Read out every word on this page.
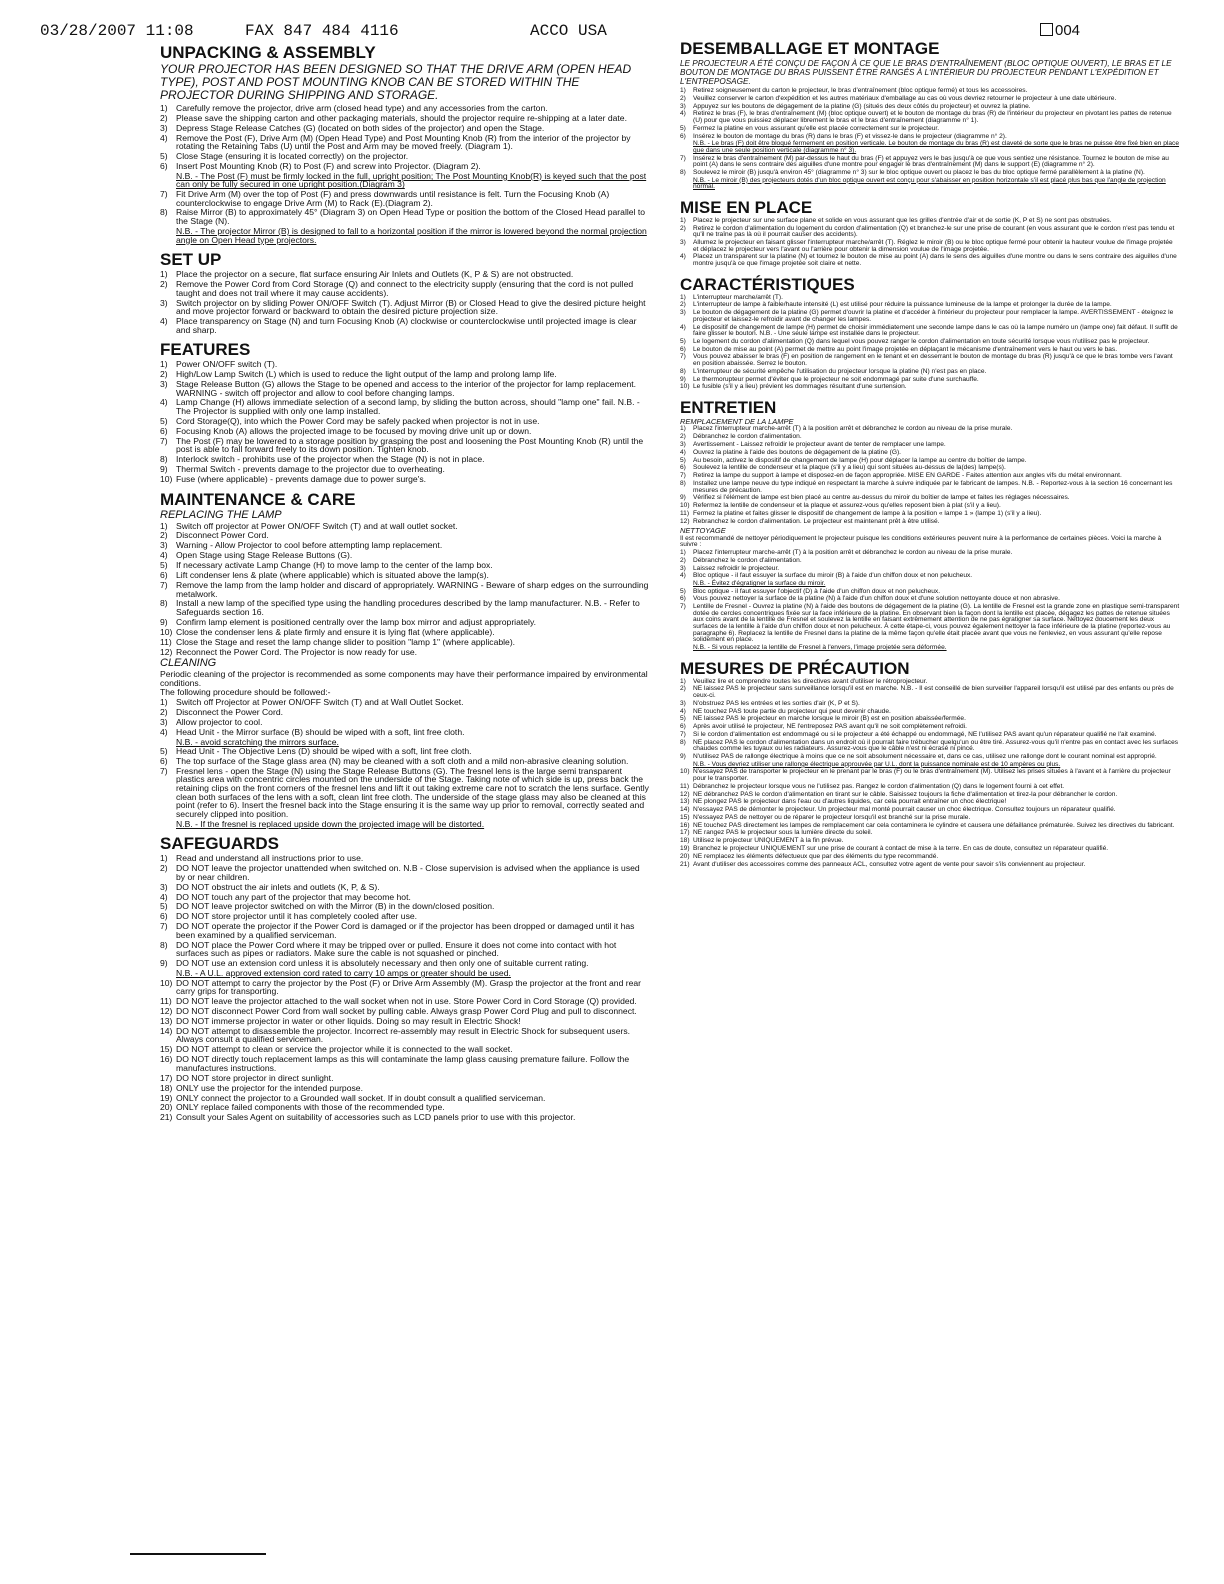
03/28/2007 11:08	FAX 847 484 4116	ACCO USA	004
UNPACKING & ASSEMBLY
YOUR PROJECTOR HAS BEEN DESIGNED SO THAT THE DRIVE ARM (OPEN HEAD TYPE), POST AND POST MOUNTING KNOB CAN BE STORED WITHIN THE PROJECTOR DURING SHIPPING AND STORAGE.
1) Carefully remove the projector, drive arm (closed head type) and any accessories from the carton.
2) Please save the shipping carton and other packaging materials, should the projector require re-shipping at a later date.
3) Depress Stage Release Catches (G) (located on both sides of the projector) and open the Stage.
4) Remove the Post (F), Drive Arm (M) (Open Head Type) and Post Mounting Knob (R) from the interior of the projector by rotating the Retaining Tabs (U) until the Post and Arm may be moved freely. (Diagram 1).
5) Close Stage (ensuring it is located correctly) on the projector.
6) Insert Post Mounting Knob (R) to Post (F) and screw into Projector. (Diagram 2).
N.B. - The Post (F) must be firmly locked in the full, upright position; The Post Mounting Knob(R) is keyed such that the post can only be fully secured in one upright position.(Diagram 3)
7) Fit Drive Arm (M) over the top of Post (F) and press downwards until resistance is felt. Turn the Focusing Knob (A) counterclockwise to engage Drive Arm (M) to Rack (E).(Diagram 2).
8) Raise Mirror (B) to approximately 45° (Diagram 3) on Open Head Type or position the bottom of the Closed Head parallel to the Stage (N).
N.B. - The projector Mirror (B) is designed to fall to a horizontal position if the mirror is lowered beyond the normal projection angle on Open Head type projectors.
SET UP
1) Place the projector on a secure, flat surface ensuring Air Inlets and Outlets (K, P & S) are not obstructed.
2) Remove the Power Cord from Cord Storage (Q) and connect to the electricity supply (ensuring that the cord is not pulled taught and does not trail where it may cause accidents).
3) Switch projector on by sliding Power ON/OFF Switch (T). Adjust Mirror (B) or Closed Head to give the desired picture height and move projector forward or backward to obtain the desired picture projection size.
4) Place transparency on Stage (N) and turn Focusing Knob (A) clockwise or counterclockwise until projected image is clear and sharp.
FEATURES
1) Power ON/OFF switch (T).
2) High/Low Lamp Switch (L) which is used to reduce the light output of the lamp and prolong lamp life.
3) Stage Release Button (G) allows the Stage to be opened and access to the interior of the projector for lamp replacement. WARNING - switch off projector and allow to cool before changing lamps.
4) Lamp Change (H) allows immediate selection of a second lamp, by sliding the button across, should "lamp one" fail. N.B. - The Projector is supplied with only one lamp installed.
5) Cord Storage(Q), into which the Power Cord may be safely packed when projector is not in use.
6) Focusing Knob (A) allows the projected image to be focused by moving drive unit up or down.
7) The Post (F) may be lowered to a storage position by grasping the post and loosening the Post Mounting Knob (R) until the post is able to fall forward freely to its down position. Tighten knob.
8) Interlock switch - prohibits use of the projector when the Stage (N) is not in place.
9) Thermal Switch - prevents damage to the projector due to overheating.
10) Fuse (where applicable) - prevents damage due to power surge's.
MAINTENANCE & CARE
REPLACING THE LAMP
1) Switch off projector at Power ON/OFF Switch (T) and at wall outlet socket.
2) Disconnect Power Cord.
3) Warning - Allow Projector to cool before attempting lamp replacement.
4) Open Stage using Stage Release Buttons (G).
5) If necessary activate Lamp Change (H) to move lamp to the center of the lamp box.
6) Lift condenser lens & plate (where applicable) which is situated above the lamp(s).
7) Remove the lamp from the lamp holder and discard of appropriately. WARNING - Beware of sharp edges on the surrounding metalwork.
8) Install a new lamp of the specified type using the handling procedures described by the lamp manufacturer. N.B. - Refer to Safeguards section 16.
9) Confirm lamp element is positioned centrally over the lamp box mirror and adjust appropriately.
10) Close the condenser lens & plate firmly and ensure it is lying flat (where applicable).
11) Close the Stage and reset the lamp change slider to position "lamp 1" (where applicable).
12) Reconnect the Power Cord. The Projector is now ready for use.
CLEANING
Periodic cleaning of the projector is recommended as some components may have their performance impaired by environmental conditions.
The following procedure should be followed:-
1) Switch off Projector at Power ON/OFF Switch (T) and at Wall Outlet Socket.
2) Disconnect the Power Cord.
3) Allow projector to cool.
4) Head Unit - the Mirror surface (B) should be wiped with a soft, lint free cloth.
N.B. - avoid scratching the mirrors surface.
5) Head Unit - The Objective Lens (D) should be wiped with a soft, lint free cloth.
6) The top surface of the Stage glass area (N) may be cleaned with a soft cloth and a mild non-abrasive cleaning solution.
7) Fresnel lens - open the Stage (N) using the Stage Release Buttons (G). The fresnel lens is the large semi transparent plastics area with concentric circles mounted on the underside of the Stage. Taking note of which side is up, press back the retaining clips on the front corners of the fresnel lens and lift it out taking extreme care not to scratch the lens surface. Gently clean both surfaces of the lens with a soft, clean lint free cloth. The underside of the stage glass may also be cleaned at this point (refer to 6). Insert the fresnel back into the Stage ensuring it is the same way up prior to removal, correctly seated and securely clipped into position.
N.B. - If the fresnel is replaced upside down the projected image will be distorted.
SAFEGUARDS
1) Read and understand all instructions prior to use.
2) DO NOT leave the projector unattended when switched on. N.B - Close supervision is advised when the appliance is used by or near children.
3) DO NOT obstruct the air inlets and outlets (K, P, & S).
4) DO NOT touch any part of the projector that may become hot.
5) DO NOT leave projector switched on with the Mirror (B) in the down/closed position.
6) DO NOT store projector until it has completely cooled after use.
7) DO NOT operate the projector if the Power Cord is damaged or if the projector has been dropped or damaged until it has been examined by a qualified serviceman.
8) DO NOT place the Power Cord where it may be tripped over or pulled. Ensure it does not come into contact with hot surfaces such as pipes or radiators. Make sure the cable is not squashed or pinched.
9) DO NOT use an extension cord unless it is absolutely necessary and then only one of suitable current rating.
N.B. - A U.L. approved extension cord rated to carry 10 amps or greater should be used.
10) DO NOT attempt to carry the projector by the Post (F) or Drive Arm Assembly (M). Grasp the projector at the front and rear carry grips for transporting.
11) DO NOT leave the projector attached to the wall socket when not in use. Store Power Cord in Cord Storage (Q) provided.
12) DO NOT disconnect Power Cord from wall socket by pulling cable. Always grasp Power Cord Plug and pull to disconnect.
13) DO NOT immerse projector in water or other liquids. Doing so may result in Electric Shock!
14) DO NOT attempt to disassemble the projector. Incorrect re-assembly may result in Electric Shock for subsequent users. Always consult a qualified serviceman.
15) DO NOT attempt to clean or service the projector while it is connected to the wall socket.
16) DO NOT directly touch replacement lamps as this will contaminate the lamp glass causing premature failure. Follow the manufactures instructions.
17) DO NOT store projector in direct sunlight.
18) ONLY use the projector for the intended purpose.
19) ONLY connect the projector to a Grounded wall socket. If in doubt consult a qualified serviceman.
20) ONLY replace failed components with those of the recommended type.
21) Consult your Sales Agent on suitability of accessories such as LCD panels prior to use with this projector.
DESEMBALLAGE ET MONTAGE
LE PROJECTEUR A ÉTÉ CONÇU DE FAÇON À CE QUE LE BRAS D'ENTRAÎNEMENT (BLOC OPTIQUE OUVERT), LE BRAS ET LE BOUTON DE MONTAGE DU BRAS PUISSENT ÊTRE RANGÉS À L'INTÉRIEUR DU PROJECTEUR PENDANT L'EXPÉDITION ET L'ENTREPOSAGE.
1)	Retirez soigneusement du carton le projecteur, le bras d'entraînement (bloc optique fermé) et tous les accessoires.
2)	Veuillez conserver le carton d'expédition et les autres matériaux d'emballage au cas où vous devriez retourner le projecteur à une date ultérieure.
3)	Appuyez sur les boutons de dégagement de la platine (G) (situés des deux côtés du projecteur) et ouvrez la platine.
4)	Retirez le bras (F), le bras d'entraînement (M) (bloc optique ouvert) et le bouton de montage du bras (R) de l'intérieur du projecteur en pivotant les pattes de retenue (U) pour que vous puissiez déplacer librement le bras et le bras d'entraînement (diagramme n° 1).
5)	Fermez la platine en vous assurant qu'elle est placée correctement sur le projecteur.
6)	Insérez le bouton de montage du bras (R) dans le bras (F) et vissez-le dans le projecteur (diagramme n° 2).
N.B. - Le bras (F) doit être bloqué fermement en position verticale. Le bouton de montage du bras (R) est claveté de sorte que le bras ne puisse être fixé bien en place que dans une seule position verticale (diagramme n° 3).
7)	Insérez le bras d'entraînement (M) par-dessus le haut du bras (F) et appuyez vers le bas jusqu'à ce que vous sentiez une résistance. Tournez le bouton de mise au point (A) dans le sens contraire des aiguilles d'une montre pour engager le bras d'entraînement (M) dans le support (E) (diagramme n° 2).
8)	Soulevez le miroir (B) jusqu'à environ 45° (diagramme n° 3) sur le bloc optique ouvert ou placez le bas du bloc optique fermé parallèlement à la platine (N).
N.B. - Le miroir (B) des projecteurs dotés d'un bloc optique ouvert est conçu pour s'abaisser en position horizontale s'il est placé plus bas que l'angle de projection normal.
MISE EN PLACE
1)	Placez le projecteur sur une surface plane et solide en vous assurant que les grilles d'entrée d'air et de sortie (K, P et S) ne sont pas obstruées.
2)	Retirez le cordon d'alimentation du logement du cordon d'alimentation (Q) et branchez-le sur une prise de courant (en vous assurant que le cordon n'est pas tendu et qu'il ne traîne pas là où il pourrait causer des accidents).
3)	Allumez le projecteur en faisant glisser l'interrupteur marche/arrêt (T). Réglez le miroir (B) ou le bloc optique fermé pour obtenir la hauteur voulue de l'image projetée et déplacez le projecteur vers l'avant ou l'arrière pour obtenir la dimension voulue de l'image projetée.
4)	Placez un transparent sur la platine (N) et tournez le bouton de mise au point (A) dans le sens des aiguilles d'une montre ou dans le sens contraire des aiguilles d'une montre jusqu'à ce que l'image projetée soit claire et nette.
CARACTÉRISTIQUES
1)	L'interrupteur marche/arrêt (T).
2)	L'interrupteur de lampe à faible/haute intensité (L) est utilisé pour réduire la puissance lumineuse de la lampe et prolonger la durée de la lampe.
3)	Le bouton de dégagement de la platine (G) permet d'ouvrir la platine et d'accéder à l'intérieur du projecteur pour remplacer la lampe. AVERTISSEMENT - éteignez le projecteur et laissez-le refroidir avant de changer les lampes.
4)	Le dispositif de changement de lampe (H) permet de choisir immédiatement une seconde lampe dans le cas où la lampe numéro un (lampe one) fait défaut. Il suffit de faire glisser le bouton. N.B. - Une seule lampe est installée dans le projecteur.
5)	Le logement du cordon d'alimentation (Q) dans lequel vous pouvez ranger le cordon d'alimentation en toute sécurité lorsque vous n'utilisez pas le projecteur.
6)	Le bouton de mise au point (A) permet de mettre au point l'image projetée en déplaçant le mécanisme d'entraînement vers le haut ou vers le bas.
7)	Vous pouvez abaisser le bras (F) en position de rangement en le tenant et en desserrant le bouton de montage du bras (R) jusqu'à ce que le bras tombe vers l'avant en position abaissée. Serrez le bouton.
8)	L'interrupteur de sécurité empêche l'utilisation du projecteur lorsque la platine (N) n'est pas en place.
9)	Le thermorupteur permet d'éviter que le projecteur ne soit endommagé par suite d'une surchauffe.
10) Le fusible (s'il y a lieu) prévient les dommages résultant d'une surtension.
ENTRETIEN
REMPLACEMENT DE LA LAMPE
1)	Placez l'interrupteur marche-arrêt (T) à la position arrêt et débranchez le cordon au niveau de la prise murale.
2)	Débranchez le cordon d'alimentation.
3)	Avertissement - Laissez refroidir le projecteur avant de tenter de remplacer une lampe.
4)	Ouvrez la platine à l'aide des boutons de dégagement de la platine (G).
5)	Au besoin, activez le dispositif de changement de lampe (H) pour déplacer la lampe au centre du boîtier de lampe.
6)	Soulevez la lentille de condenseur et la plaque (s'il y a lieu) qui sont situées au-dessus de la(des) lampe(s).
7)	Retirez la lampe du support à lampe et disposez-en de façon appropriée. MISE EN GARDE - Faites attention aux angles vifs du métal environnant.
8)	Installez une lampe neuve du type indiqué en respectant la marche à suivre indiquée par le fabricant de lampes. N.B. - Reportez-vous à la section 16 concernant les mesures de précaution.
9)	Vérifiez si l'élément de lampe est bien placé au centre au-dessus du miroir du boîtier de lampe et faites les réglages nécessaires.
10) Refermez la lentille de condenseur et la plaque et assurez-vous qu'elles reposent bien à plat (s'il y a lieu).
11) Fermez la platine et faites glisser le dispositif de changement de lampe à la position « lampe 1 » (lampe 1) (s'il y a lieu).
12) Rebranchez le cordon d'alimentation. Le projecteur est maintenant prêt à être utilisé.
NETTOYAGE
Il est recommandé de nettoyer périodiquement le projecteur puisque les conditions extérieures peuvent nuire à la performance de certaines pièces. Voici la marche à suivre :
1)	Placez l'interrupteur marche-arrêt (T) à la position arrêt et débranchez le cordon au niveau de la prise murale.
2)	Débranchez le cordon d'alimentation.
3)	Laissez refroidir le projecteur.
4)	Bloc optique - il faut essuyer la surface du miroir (B) à l'aide d'un chiffon doux et non pelucheux.
N.B. - Évitez d'égratigner la surface du miroir.
5)	Bloc optique - il faut essuyer l'objectif (D) à l'aide d'un chiffon doux et non pelucheux.
6)	Vous pouvez nettoyer la surface de la platine (N) à l'aide d'un chiffon doux et d'une solution nettoyante douce et non abrasive.
7)	Lentille de Fresnel - Ouvrez la platine (N) à l'aide des boutons de dégagement de la platine (G). La lentille de Fresnel est la grande zone en plastique semi-transparent dotée de cercles concentriques fixée sur la face inférieure de la platine. En observant bien la façon dont la lentille est placée, dégagez les pattes de retenue situées aux coins avant de la lentille de Fresnel et soulevez la lentille en faisant extrêmement attention de ne pas égratigner sa surface. Nettoyez doucement les deux surfaces de la lentille à l'aide d'un chiffon doux et non pelucheux. À cette étape-ci, vous pouvez également nettoyer la face inférieure de la platine (reportez-vous au paragraphe 6). Replacez la lentille de Fresnel dans la platine de la même façon qu'elle était placée avant que vous ne l'enleviez, en vous assurant qu'elle repose solidement en place.
N.B. - Si vous replacez la lentille de Fresnel à l'envers, l'image projetée sera déformée.
MESURES DE PRÉCAUTION
1)	Veuillez lire et comprendre toutes les directives avant d'utiliser le rétroprojecteur.
2)	NE laissez PAS le projecteur sans surveillance lorsqu'il est en marche. N.B. - Il est conseillé de bien surveiller l'appareil lorsqu'il est utilisé par des enfants ou près de ceux-ci.
3)	N'obstruez PAS les entrées et les sorties d'air (K, P et S).
4)	NE touchez PAS toute partie du projecteur qui peut devenir chaude.
5)	NE laissez PAS le projecteur en marche lorsque le miroir (B) est en position abaissée/fermée.
6)	Après avoir utilisé le projecteur, NE l'entreposez PAS avant qu'il ne soit complètement refroidi.
7)	Si le cordon d'alimentation est endommagé ou si le projecteur a été échappé ou endommagé, NE l'utilisez PAS avant qu'un réparateur qualifié ne l'ait examiné.
8)	NE placez PAS le cordon d'alimentation dans un endroit où il pourrait faire trébucher quelqu'un ou être tiré. Assurez-vous qu'il n'entre pas en contact avec les surfaces chaudes comme les tuyaux ou les radiateurs. Assurez-vous que le câble n'est ni écrasé ni pincé.
9)	N'utilisez PAS de rallonge électrique à moins que ce ne soit absolument nécessaire et, dans ce cas, utilisez une rallonge dont le courant nominal est approprié.
N.B. - Vous devriez utiliser une rallonge électrique approuvée par U.L. dont la puissance nominale est de 10 ampères ou plus.
10) N'essayez PAS de transporter le projecteur en le prenant par le bras (F) ou le bras d'entraînement (M). Utilisez les prises situées à l'avant et à l'arrière du projecteur pour le transporter.
11) Débranchez le projecteur lorsque vous ne l'utilisez pas. Rangez le cordon d'alimentation (Q) dans le logement fourni à cet effet.
12) NE débranchez PAS le cordon d'alimentation en tirant sur le câble. Saisissez toujours la fiche d'alimentation et tirez-la pour débrancher le cordon.
13) NE plongez PAS le projecteur dans l'eau ou d'autres liquides, car cela pourrait entraîner un choc électrique!
14) N'essayez PAS de démonter le projecteur. Un projecteur mal monté pourrait causer un choc électrique. Consultez toujours un réparateur qualifié.
15) N'essayez PAS de nettoyer ou de réparer le projecteur lorsqu'il est branché sur la prise murale.
16) NE touchez PAS directement les lampes de remplacement car cela contaminera le cylindre et causera une défaillance prématurée. Suivez les directives du fabricant.
17) NE rangez PAS le projecteur sous la lumière directe du soleil.
18) Utilisez le projecteur UNIQUEMENT à la fin prévue.
19) Branchez le projecteur UNIQUEMENT sur une prise de courant à contact de mise à la terre. En cas de doute, consultez un réparateur qualifié.
20) NE remplacez les éléments défectueux que par des éléments du type recommandé.
21) Avant d'utiliser des accessoires comme des panneaux ACL, consultez votre agent de vente pour savoir s'ils conviennent au projecteur.
